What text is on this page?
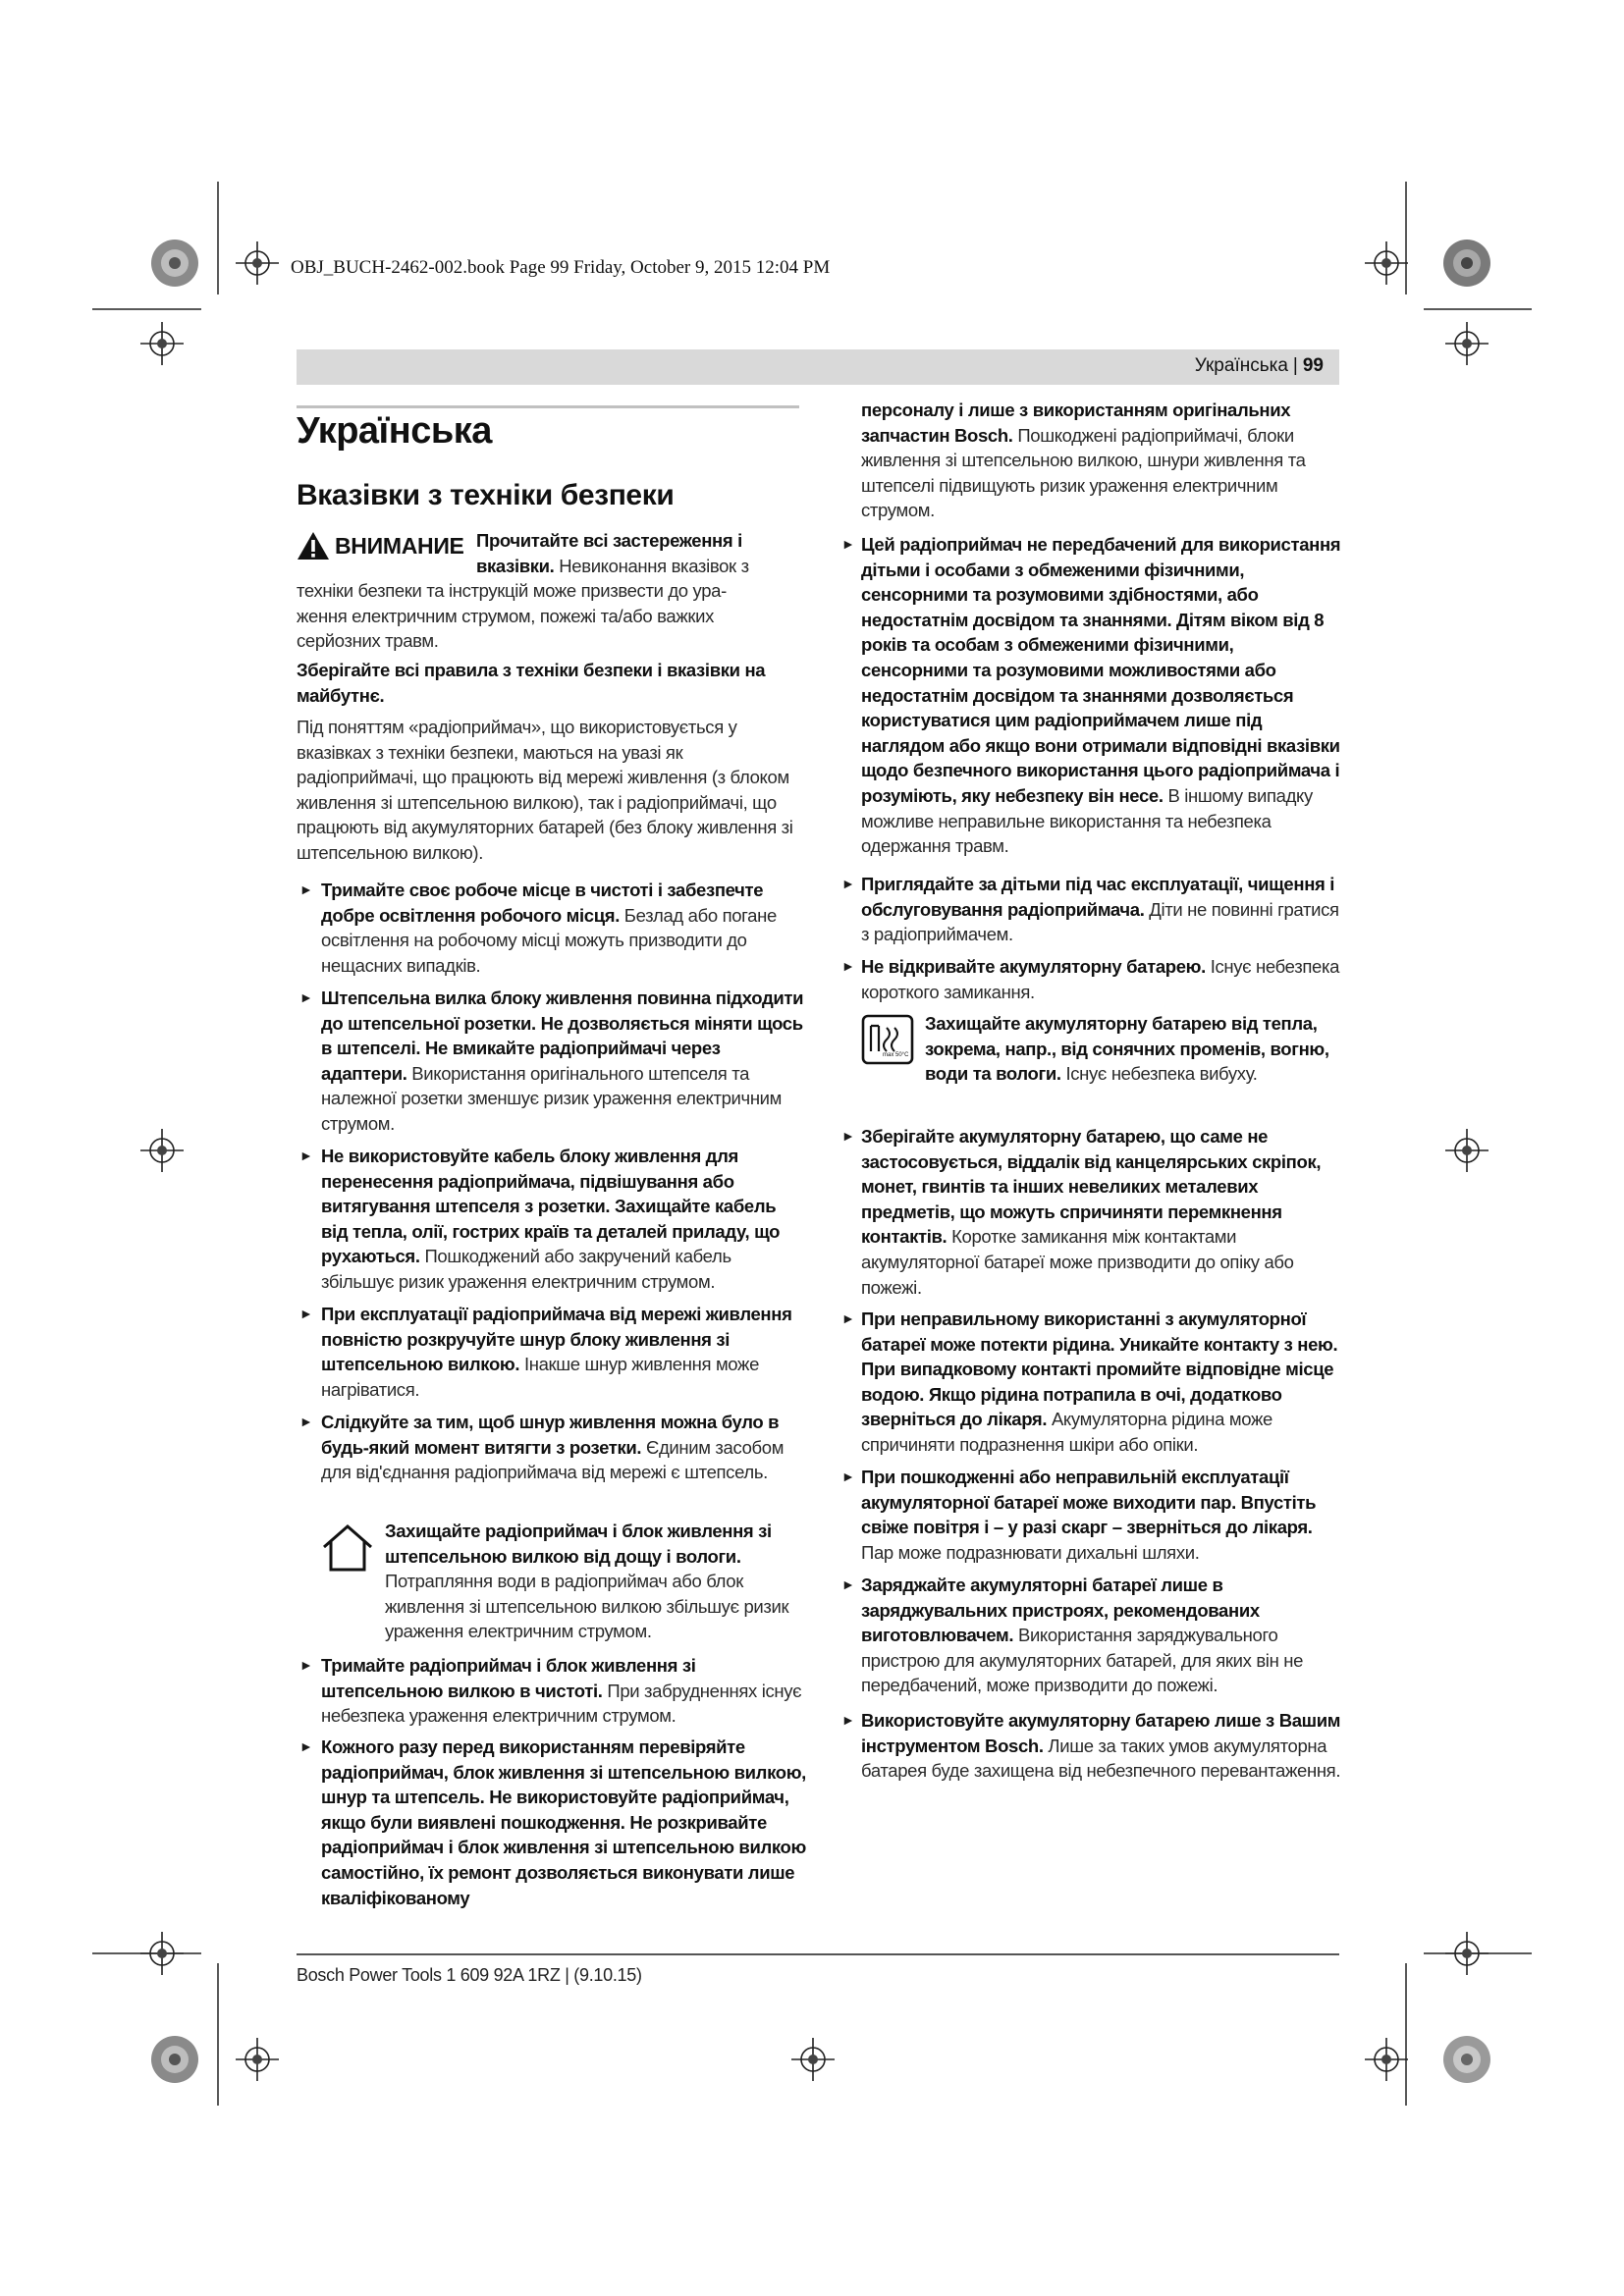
OBJ_BUCH-2462-002.book Page 99 Friday, October 9, 2015 12:04 PM
Українська | 99
Українська
Вказівки з техніки безпеки
ВНИМАНИЕ Прочитайте всі застереження і
вказівки. Невиконання вказівок з
техніки безпеки та інструкцій може призвести до ура-
ження електричним струмом, пожежі та/або важких
серйозних травм.
Зберігайте всі правила з техніки безпеки і вказівки на майбутнє.
Під поняттям «радіоприймач», що використовується у вказівках з техніки безпеки, маються на увазі як радіоприймачі, що працюють від мережі живлення (з блоком живлення зі штепсельною вилкою), так і радіоприймачі, що працюють від акумуляторних батарей (без блоку живлення зі штепсельною вилкою).
► Тримайте своє робоче місце в чистоті і забезпечте добре освітлення робочого місця. Безлад або погане освітлення на робочому місці можуть призводити до нещасних випадків.
► Штепсельна вилка блоку живлення повинна підходити до штепсельної розетки. Не дозволяється міняти щось в штепселі. Не вмикайте радіоприймачі через адаптери. Використання оригінального штепселя та належної розетки зменшує ризик ураження електричним струмом.
► Не використовуйте кабель блоку живлення для перенесення радіоприймача, підвішування або витягування штепселя з розетки. Захищайте кабель від тепла, олії, гострих країв та деталей приладу, що рухаються. Пошкоджений або закручений кабель збільшує ризик ураження електричним струмом.
► При експлуатації радіоприймача від мережі живлення повністю розкручуйте шнур блоку живлення зі штепсельною вилкою. Інакше шнур живлення може нагріватися.
► Слідкуйте за тим, щоб шнур живлення можна було в будь-який момент витягти з розетки. Єдиним засобом для від'єднання радіоприймача від мережі є штепсель.
Захищайте радіоприймач і блок живлення зі штепсельною вилкою від дощу і вологи. Потрапляння води в радіоприймач або блок живлення зі штепсельною вилкою збільшує ризик ураження електричним струмом.
► Тримайте радіоприймач і блок живлення зі штепсельною вилкою в чистоті. При забрудненнях існує небезпека ураження електричним струмом.
► Кожного разу перед використанням перевіряйте радіоприймач, блок живлення зі штепсельною вилкою, шнур та штепсель. Не використовуйте радіоприймач, якщо були виявлені пошкодження. Не розкривайте радіоприймач і блок живлення зі штепсельною вилкою самостійно, їх ремонт дозволяється виконувати лише кваліфікованому
персоналу і лише з використанням оригінальних запчастин Bosch. Пошкоджені радіоприймачі, блоки живлення зі штепсельною вилкою, шнури живлення та штепселі підвищують ризик ураження електричним струмом.
► Цей радіоприймач не передбачений для використання дітьми і особами з обмеженими фізичними, сенсорними та розумовими здібностями, або недостатнім досвідом та знаннями. Дітям віком від 8 років та особам з обмеженими фізичними, сенсорними та розумовими можливостями або недостатнім досвідом та знаннями дозволяється користуватися цим радіоприймачем лише під наглядом або якщо вони отримали відповідні вказівки щодо безпечного використання цього радіоприймача і розуміють, яку небезпеку він несе. В іншому випадку можливе неправильне використання та небезпека одержання травм.
► Приглядайте за дітьми під час експлуатації, чищення і обслуговування радіоприймача. Діти не повинні гратися з радіоприймачем.
► Не відкривайте акумуляторну батарею. Існує небезпека короткого замикання.
max 50°C
Захищайте акумуляторну батарею від тепла, зокрема, напр., від сонячних променів, вогню, води та вологи. Існує небезпека вибуху.
► Зберігайте акумуляторну батарею, що саме не застосовується, віддалік від канцелярських скріпок, монет, гвинтів та інших невеликих металевих предметів, що можуть спричиняти перемкнення контактів. Коротке замикання між контактами акумуляторної батареї може призводити до опіку або пожежі.
► При неправильному використанні з акумуляторної батареї може потекти рідина. Уникайте контакту з нею. При випадковому контакті промийте відповідне місце водою. Якщо рідина потрапила в очі, додатково зверніться до лікаря. Акумуляторна рідина може спричиняти подразнення шкіри або опіки.
► При пошкодженні або неправильній експлуатації акумуляторної батареї може виходити пар. Впустіть свіже повітря і – у разі скарг – зверніться до лікаря. Пар може подразнювати дихальні шляхи.
► Заряджайте акумуляторні батареї лише в заряджувальних пристроях, рекомендованих виготовлювачем. Використання заряджувального пристрою для акумуляторних батарей, для яких він не передбачений, може призводити до пожежі.
► Використовуйте акумуляторну батарею лише з Вашим інструментом Bosch. Лише за таких умов акумуляторна батарея буде захищена від небезпечного перевантаження.
Bosch Power Tools 1 609 92A 1RZ | (9.10.15)
